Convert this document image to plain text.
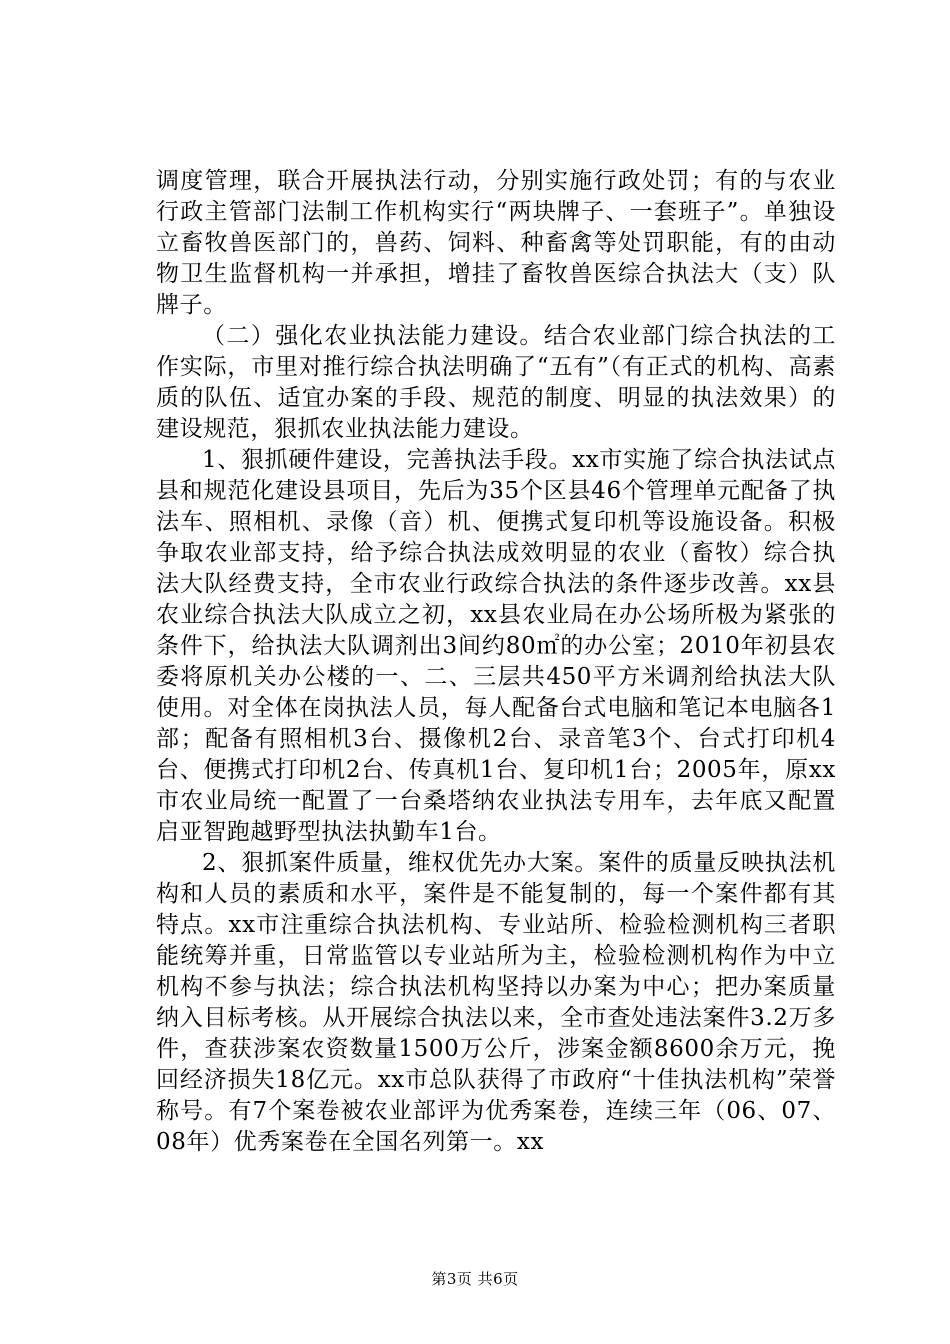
调度管理，联合开展执法行动，分别实施行政处罚；有的与农业行政主管部门法制工作机构实行“两块牌子、一套班子”。单独设立畜牧兽医部门的，兽药、饲料、种畜禽等处罚职能，有的由动物卫生监督机构一并承担，增挂了畜牧兽医综合执法大（支）队牌子。

（二）强化农业执法能力建设。结合农业部门综合执法的工作实际，市里对推行综合执法明确了“五有”（有正式的机构、高素质的队伍、适宜办案的手段、规范的制度、明显的执法效果）的建设规范，狠抓农业执法能力建设。

1、狠抓硬件建设，完善执法手段。xx市实施了综合执法试点县和规范化建设县项目，先后为35个区县46个管理单元配备了执法车、照相机、录像（音）机、便携式复印机等设施设备。积极争取农业部支持，给予综合执法成效明显的农业（畜牧）综合执法大队经费支持，全市农业行政综合执法的条件逐步改善。xx县农业综合执法大队成立之初，xx县农业局在办公场所极为紧张的条件下，给执法大队调剂出3间约80㎡的办公室；2010年初县农委将原机关办公楼的一、二、三层共450平方米调剂给执法大队使用。对全体在岗执法人员，每人配备台式电脑和笔记本电脑各1部；配备有照相机3台、摄像机2台、录音笔3个、台式打印机4台、便携式打印机2台、传真机1台、复印机1台；2005年，原xx市农业局统一配置了一台桑塔纳农业执法专用车，去年底又配置启亚智跑越野型执法执勤车1台。

2、狠抓案件质量，维权优先办大案。案件的质量反映执法机构和人员的素质和水平，案件是不能复制的，每一个案件都有其特点。xx市注重综合执法机构、专业站所、检验检测机构三者职能统筹并重，日常监管以专业站所为主，检验检测机构作为中立机构不参与执法；综合执法机构坚持以办案为中心；把办案质量纳入目标考核。从开展综合执法以来，全市查处违法案件3.2万多件，查获涉案农资数量1500万公斤，涉案金额8600余万元，挽回经济损失18亿元。xx市总队获得了市政府“十佳执法机构”荣誉称号。有7个案卷被农业部评为优秀案卷，连续三年（06、07、08年）优秀案卷在全国名列第一。xx

第3页 共6页
